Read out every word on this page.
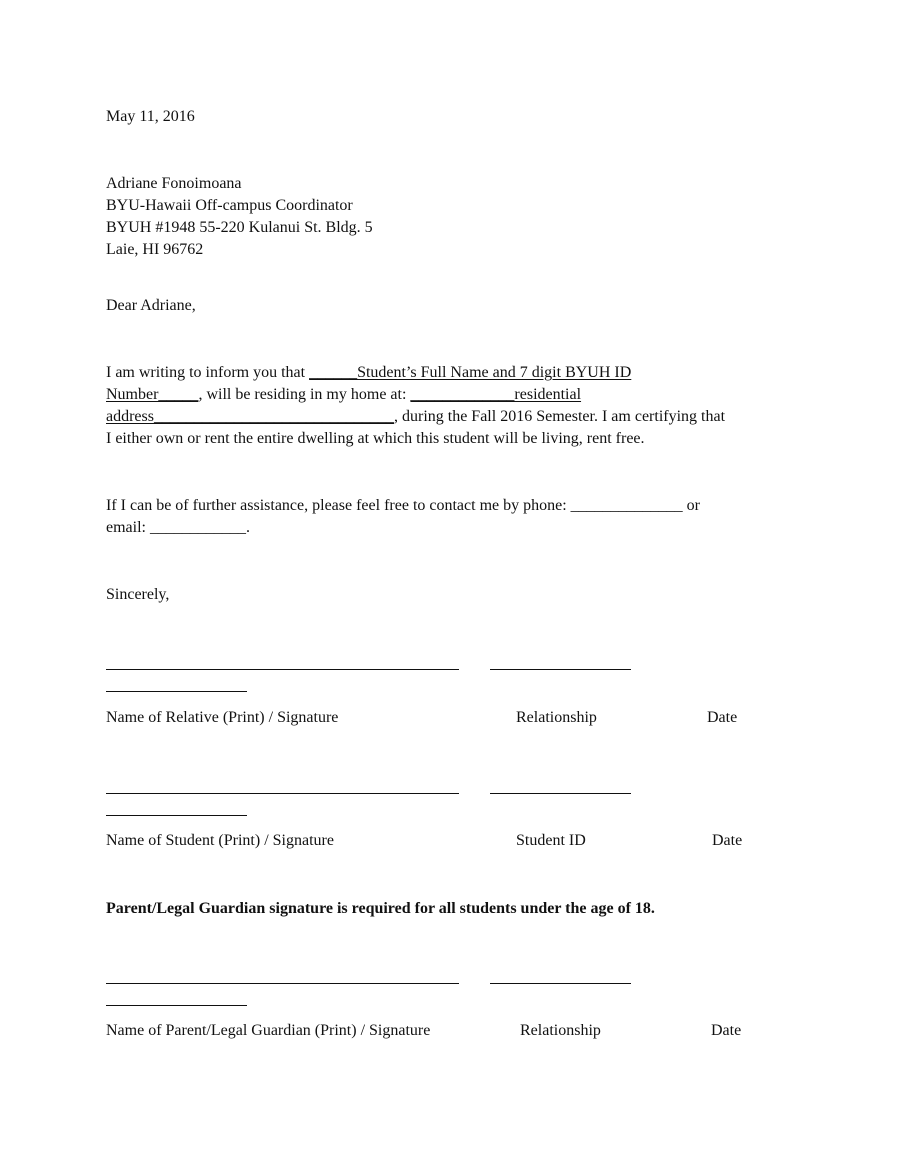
May 11, 2016
Adriane Fonoimoana
BYU-Hawaii Off-campus Coordinator
BYUH #1948 55-220 Kulanui St. Bldg. 5
Laie, HI 96762
Dear Adriane,
I am writing to inform you that ______Student’s Full Name and 7 digit BYUH ID
Number_____, will be residing in my home at: _____________residential
address______________________________, during the Fall 2016 Semester. I am certifying that
I either own or rent the entire dwelling at which this student will be living, rent free.
If I can be of further assistance, please feel free to contact me by phone: ______________ or
email: ____________.
Sincerely,
Name of Relative (Print) / Signature	Relationship	Date
Name of Student (Print) / Signature	Student ID	Date
Parent/Legal Guardian signature is required for all students under the age of 18.
Name of Parent/Legal Guardian (Print) / Signature	Relationship	Date
